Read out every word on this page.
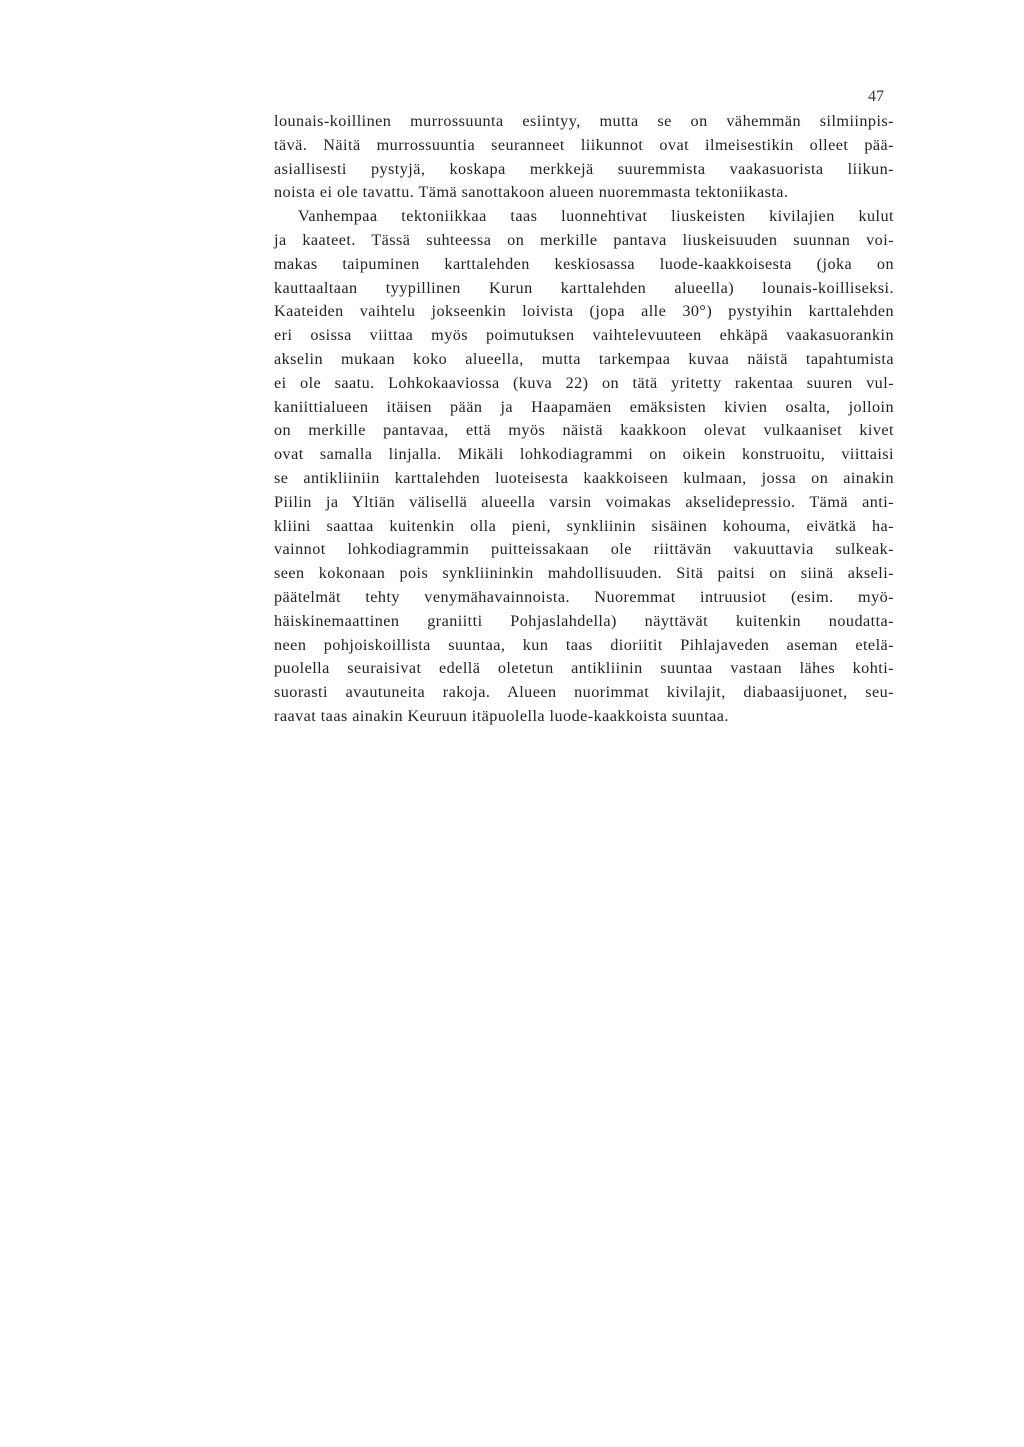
47
lounais-koillinen murrossuunta esiintyy, mutta se on vähemmän silmiinpis-
tävä. Näitä murrossuuntia seuranneet liikunnot ovat ilmeisestikin olleet pää-
asiallisesti pystyjä, koskapa merkkejä suuremmista vaakasuorista liikun-
noista ei ole tavattu. Tämä sanottakoon alueen nuoremmasta tektoniikasta.
Vanhempaa tektoniikkaa taas luonnehtivat liuskeisten kivilajien kulut
ja kaateet. Tässä suhteessa on merkille pantava liuskeisuuden suunnan voi-
makas taipuminen karttalehden keskiosassa luode-kaakkoisesta (joka on
kauttaaltaan tyypillinen Kurun karttalehden alueella) lounais-koilliseksi.
Kaateiden vaihtelu jokseenkin loivista (jopa alle 30°) pystyihin karttalehden
eri osissa viittaa myös poimutuksen vaihtelevuuteen ehkäpä vaakasuorankin
akselin mukaan koko alueella, mutta tarkempaa kuvaa näistä tapahtumista
ei ole saatu. Lohkokaaviossa (kuva 22) on tätä yritetty rakentaa suuren vul-
kaniittialueen itäisen pään ja Haapamäen emäksisten kivien osalta, jolloin
on merkille pantavaa, että myös näistä kaakkoon olevat vulkaaniset kivet
ovat samalla linjalla. Mikäli lohkodiagrammi on oikein konstruoitu, viittaisi
se antikliiniin karttalehden luoteisesta kaakkoiseen kulmaan, jossa on ainakin
Piilin ja Yltiän välisellä alueella varsin voimakas akselidepressio. Tämä anti-
kliini saattaa kuitenkin olla pieni, synkliinin sisäinen kohouma, eivätkä ha-
vainnot lohkodiagrammin puitteissakaan ole riittävän vakuuttavia sulkeak-
seen kokonaan pois synkliininkin mahdollisuuden. Sitä paitsi on siinä akseli-
päätelmät tehty venymähavainnoista. Nuoremmat intruusiot (esim. myö-
häiskinemaattinen graniitti Pohjaslahdella) näyttävät kuitenkin noudatta-
neen pohjoiskoillista suuntaa, kun taas dioriitit Pihlajaveden aseman etelä-
puolella seuraisivat edellä oletetun antikliinin suuntaa vastaan lähes kohti-
suorasti avautuneita rakoja. Alueen nuorimmat kivilajit, diabaasijuonet, seu-
raavat taas ainakin Keuruun itäpuolella luode-kaakkoista suuntaa.
